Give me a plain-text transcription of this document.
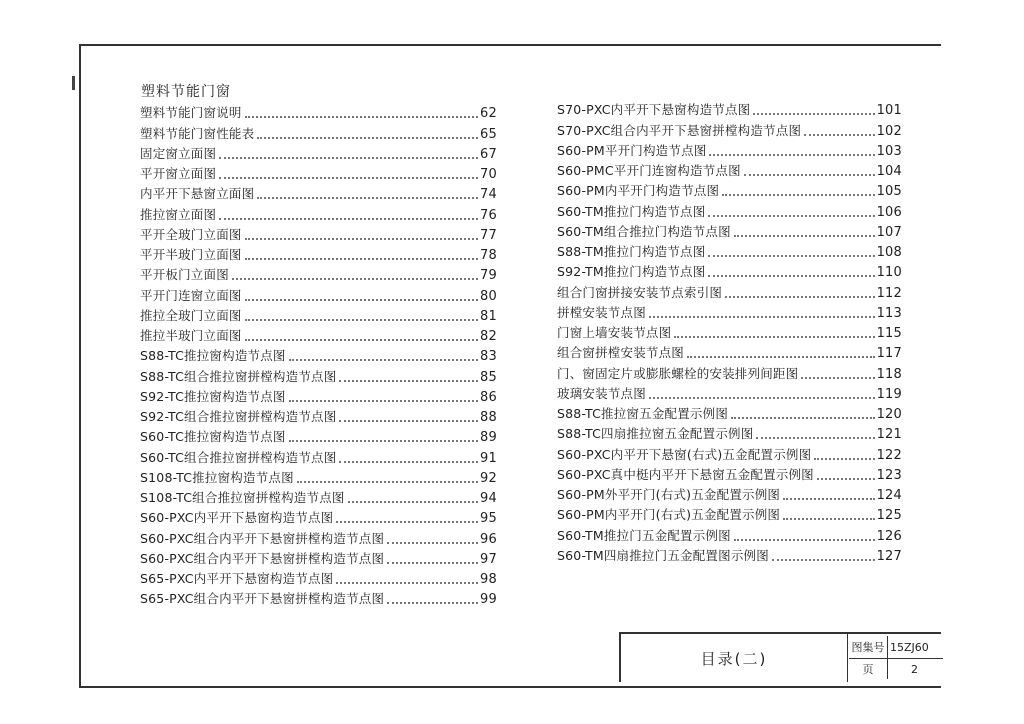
塑料节能门窗
塑料节能门窗说明	62
塑料节能门窗性能表	65
固定窗立面图	67
平开窗立面图	70
内平开下悬窗立面图	74
推拉窗立面图	76
平开全玻门立面图	77
平开半玻门立面图	78
平开板门立面图	79
平开门连窗立面图	80
推拉全玻门立面图	81
推拉半玻门立面图	82
S88-TC推拉窗构造节点图	83
S88-TC组合推拉窗拼樘构造节点图	85
S92-TC推拉窗构造节点图	86
S92-TC组合推拉窗拼樘构造节点图	88
S60-TC推拉窗构造节点图	89
S60-TC组合推拉窗拼樘构造节点图	91
S108-TC推拉窗构造节点图	92
S108-TC组合推拉窗拼樘构造节点图	94
S60-PXC内平开下悬窗构造节点图	95
S60-PXC组合内平开下悬窗拼樘构造节点图	96
S60-PXC组合内平开下悬窗拼樘构造节点图	97
S65-PXC内平开下悬窗构造节点图	98
S65-PXC组合内平开下悬窗拼樘构造节点图	99
S70-PXC内平开下悬窗构造节点图	101
S70-PXC组合内平开下悬窗拼樘构造节点图	102
S60-PM平开门构造节点图	103
S60-PMC平开门连窗构造节点图	104
S60-PM内平开门构造节点图	105
S60-TM推拉门构造节点图	106
S60-TM组合推拉门构造节点图	107
S88-TM推拉门构造节点图	108
S92-TM推拉门构造节点图	110
组合门窗拼接安装节点索引图	112
拼樘安装节点图	113
门窗上墙安装节点图	115
组合窗拼樘安装节点图	117
门、窗固定片或膨胀螺栓的安装排列间距图	118
玻璃安装节点图	119
S88-TC推拉窗五金配置示例图	120
S88-TC四扇推拉窗五金配置示例图	121
S60-PXC内平开下悬窗(右式)五金配置示例图	122
S60-PXC真中梃内平开下悬窗五金配置示例图	123
S60-PM外平开门(右式)五金配置示例图	124
S60-PM内平开门(右式)五金配置示例图	125
S60-TM推拉门五金配置示例图	126
S60-TM四扇推拉门五金配置图示例图	127
目录(二)
图集号 15ZJ60
页	2
